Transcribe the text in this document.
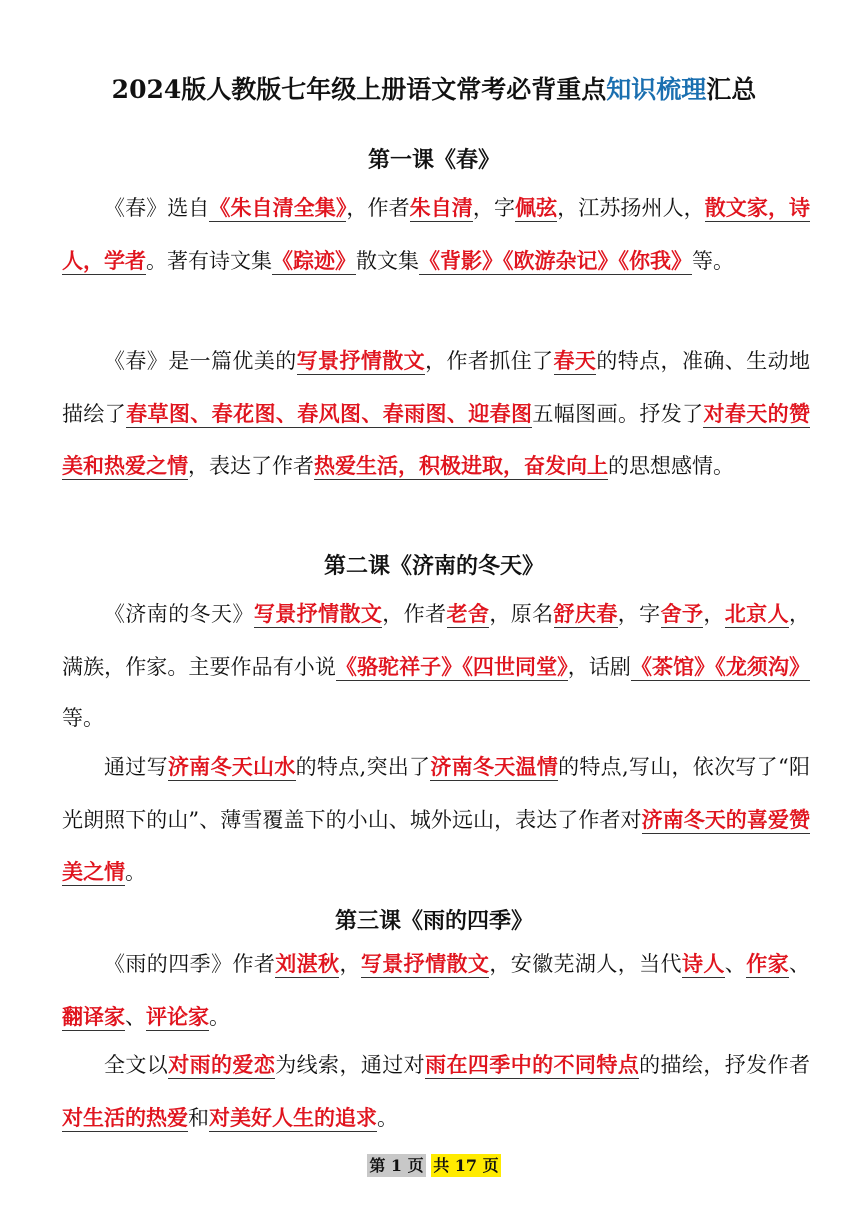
2024版人教版七年级上册语文常考必背重点知识梳理汇总
第一课《春》
《春》选自《朱自清全集》，作者朱自清，字佩弦，江苏扬州人，散文家，诗人，学者。著有诗文集《踪迹》散文集《背影》《欧游杂记》《你我》等。
《春》是一篇优美的写景抒情散文，作者抓住了春天的特点，准确、生动地描绘了春草图、春花图、春风图、春雨图、迎春图五幅图画。抒发了对春天的赞美和热爱之情，表达了作者热爱生活，积极进取，奋发向上的思想感情。
第二课《济南的冬天》
《济南的冬天》写景抒情散文，作者老舍，原名舒庆春，字舍予，北京人，满族，作家。主要作品有小说《骆驼祥子》《四世同堂》，话剧《茶馆》《龙须沟》等。
通过写济南冬天山水的特点,突出了济南冬天温情的特点,写山，依次写了“阳光朗照下的山”、薄雪覆盖下的小山、城外远山，表达了作者对济南冬天的喜爱赞美之情。
第三课《雨的四季》
《雨的四季》作者刘湛秋，写景抒情散文，安徽芜湖人，当代诗人、作家、翻译家、评论家。
全文以对雨的爱恋为线索，通过对雨在四季中的不同特点的描绘，抒发作者对生活的热爱和对美好人生的追求。
第 1 页 共 17 页
